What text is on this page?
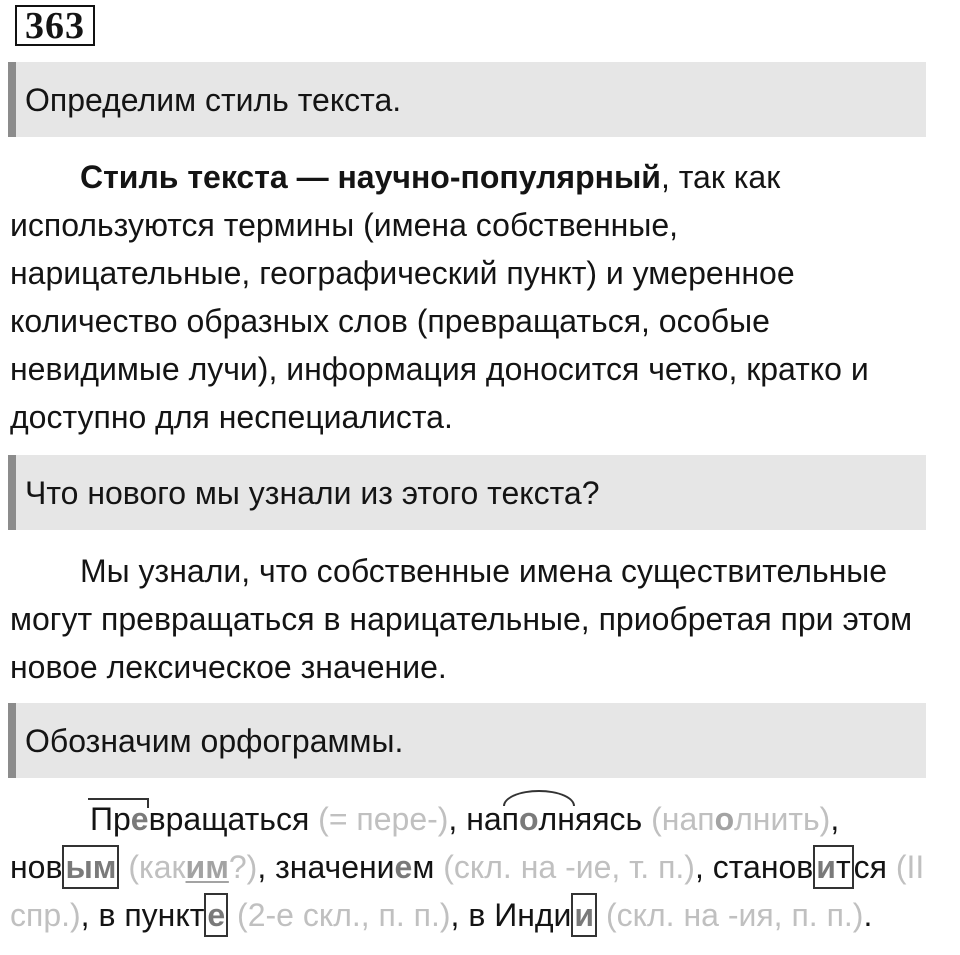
363
Определим стиль текста.
Стиль текста — научно-популярный, так как
используются термины (имена собственные,
нарицательные, географический пункт) и умеренное
количество образных слов (превращаться, особые
невидимые лучи), информация доносится четко, кратко и
доступно для неспециалиста.
Что нового мы узнали из этого текста?
Мы узнали, что собственные имена существительные
могут превращаться в нарицательные, приобретая при этом
новое лексическое значение.
Обозначим орфограммы.
Превращаться (= пере-), на
полняясь (наполнить),
новым (каким?), значением (скл. на -ие, т. п.), становится (II
спр.), в пункте (2-е скл., п. п.), в Индии (скл. на -ия, п. п.).
